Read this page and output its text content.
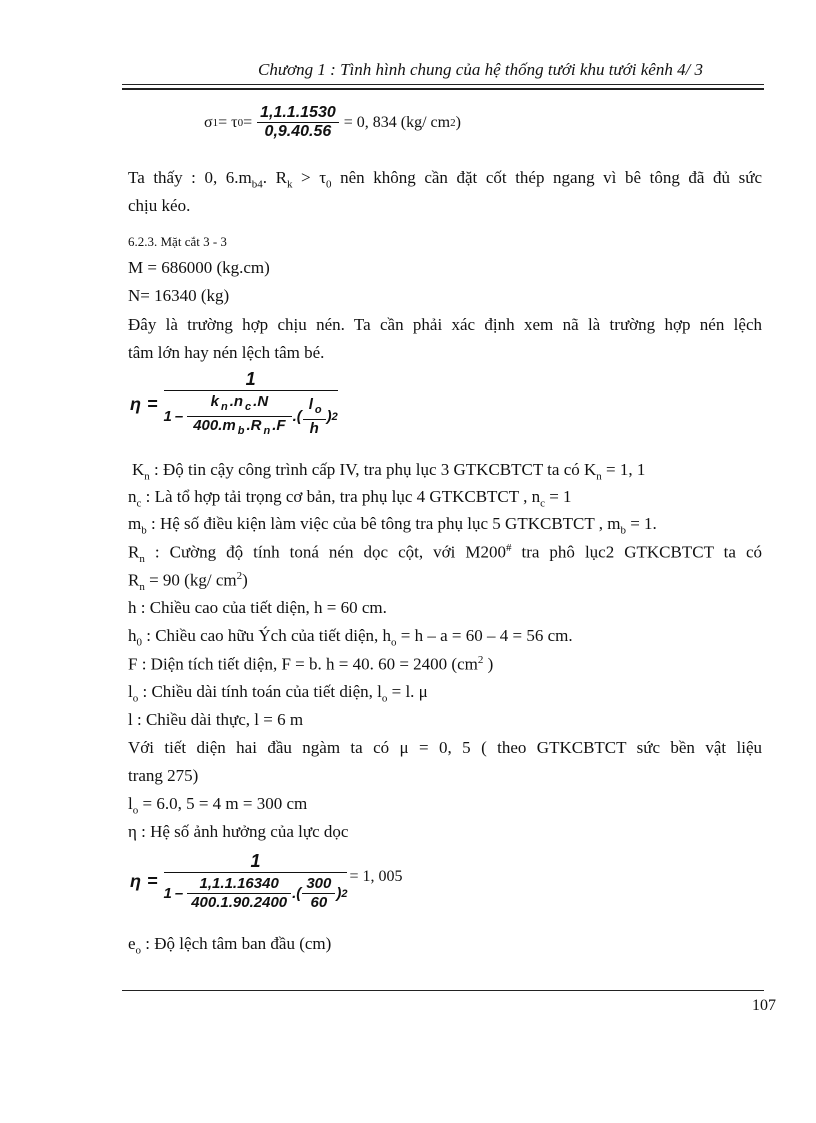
Chương 1 : Tình hình chung của hệ thống tưới khu tưới kênh 4/ 3
σ 1 = τ $0 = \frac{1,1.1.1530}{0,9.40.56} = 0$, 834 (kg/ cm 2 )
Ta thấy : 0, $6.m_{b4}$. $R_k > \tau_0$ nên không cần đặt cốt thép ngang vì bê tông đã đủ sức
chịu kéo.
6.2.3. Mặt cắt 3 - 3
M = 686000 (kg.cm)
N= 16340 (kg)
Đây là trường hợp chịu nén. Ta cần phải xác định xem nã là trường hợp nén lệch
tâm lớn hay nén lệch tâm bé.
η =
1
1 –
k $_n$ .n $_c$ .N
400.m $_b$ .R $_n$ .F
.(
l $_o$
h
) 2
$K_n$ : Độ tin cậy công trình cấp IV, tra phụ lục 3 GTKCBTCT ta có $K_n = 1$, 1
$n_c$ : Là tổ hợp tải trọng cơ bản, tra phụ lục 4 GTKCBTCT , $n_c = 1$
$m_b$ : Hệ số điều kiện làm việc của bê tông tra phụ lục 5 GTKCBTCT , $m_b = 1$.
$R_n$ : Cường độ tính toná nén dọc cột, với M200# tra phô lục2 GTKCBTCT ta có
$R_n = 90$ (kg/ $cm^2$)
h : Chiều cao của tiết diện, h = 60 cm.
$h_0$ : Chiều cao hữu Ých của tiết diện, $h_o = h - a = 60 - 4 = 56$ cm.
F : Diện tích tiết diện, F = b. h = 40. 60 = 2400 ($cm^2$ )
$l_o$ : Chiều dài tính toán của tiết diện, $l_o = l$. μ
l : Chiều dài thực, l = 6 m
Với tiết diện hai đầu ngàm ta có μ = 0, 5 ( theo GTKCBTCT sức bền vật liệu
trang 275)
$l_o = 6.0$, 5 = 4 m = 300 cm
η : Hệ số ảnh hưởng của lực dọc
η =
1
1 –
1,1.1.16340
400.1.90.2400
.(
300
60
) 2
= 1, 005
$e_o$ : Độ lệch tâm ban đầu (cm)
107
